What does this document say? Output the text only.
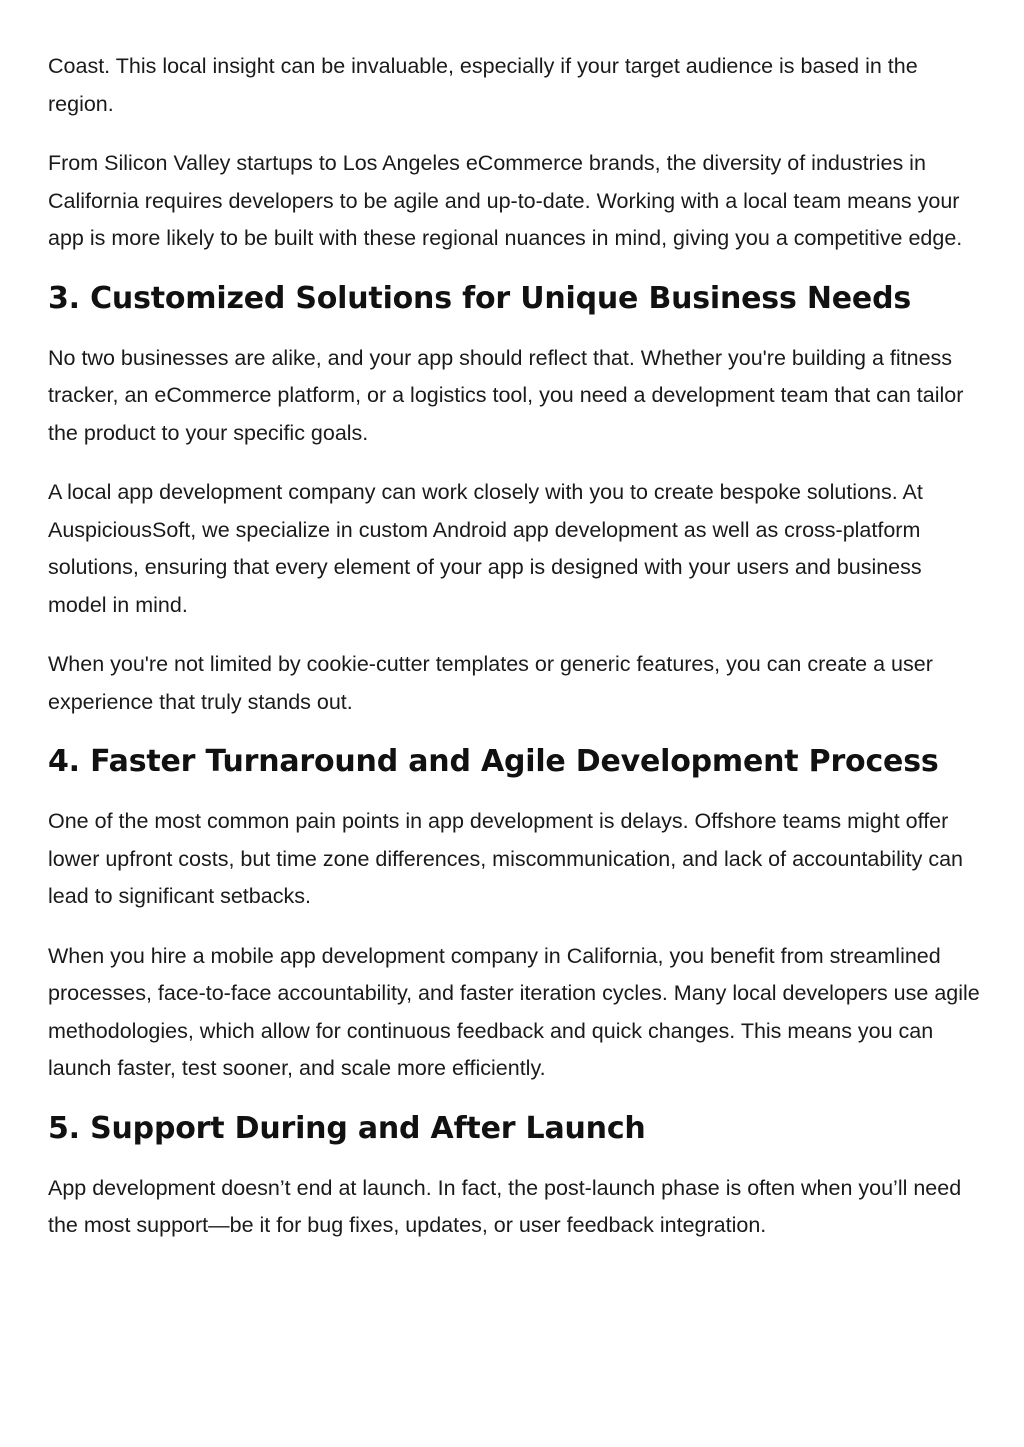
Coast. This local insight can be invaluable, especially if your target audience is based in the region.

From Silicon Valley startups to Los Angeles eCommerce brands, the diversity of industries in California requires developers to be agile and up-to-date. Working with a local team means your app is more likely to be built with these regional nuances in mind, giving you a competitive edge.

3. Customized Solutions for Unique Business Needs

No two businesses are alike, and your app should reflect that. Whether you're building a fitness tracker, an eCommerce platform, or a logistics tool, you need a development team that can tailor the product to your specific goals.

A local app development company can work closely with you to create bespoke solutions. At AuspiciousSoft, we specialize in custom Android app development as well as cross-platform solutions, ensuring that every element of your app is designed with your users and business model in mind.

When you're not limited by cookie-cutter templates or generic features, you can create a user experience that truly stands out.

4. Faster Turnaround and Agile Development Process

One of the most common pain points in app development is delays. Offshore teams might offer lower upfront costs, but time zone differences, miscommunication, and lack of accountability can lead to significant setbacks.

When you hire a mobile app development company in California, you benefit from streamlined processes, face-to-face accountability, and faster iteration cycles. Many local developers use agile methodologies, which allow for continuous feedback and quick changes. This means you can launch faster, test sooner, and scale more efficiently.

5. Support During and After Launch

App development doesn’t end at launch. In fact, the post-launch phase is often when you’ll need the most support—be it for bug fixes, updates, or user feedback integration.
